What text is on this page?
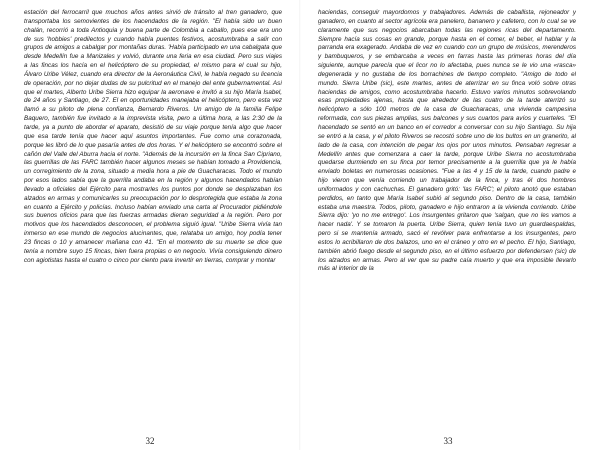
estación del ferrocarril que muchos años antes sirvió de tránsito al tren ganadero, que transportaba los semovientes de los hacendados de la región. "El había sido un buen chalán, recorrió a toda Antioquia y buena parte de Colombia a caballo, pues ese era uno de sus 'hobbies' predilectos y cuando había puentes festivos, acostumbraba a salir con grupos de amigos a cabalgar por montañas duras. 'Había participado en una cabalgata que desde Medellín fue a Manizales y volvió, durante una feria en esa ciudad. Pero sus viajes a las fincas los hacía en el helicóptero de su propiedad, el mismo para el cual su hijo, Álvaro Uribe Vélez, cuando era director de la Aeronáutica Civil, le había negado su licencia de operación, por no dejar dudas de su pulcritud en el manejo del ente gubernamental. Así que el martes, Alberto Uribe Sierra hizo equipar la aeronave e invitó a su hijo María Isabel, de 24 años y Santiago, de 27. El en oportunidades manejaba el helicóptero, pero esta vez llamó a su piloto de plena confianza, Bernardo Riveros. Un amigo de la familia Felipe Baquero, también fue invitado a la imprevista visita, pero a última hora, a las 2:30 de la tarde, ya a punto de abordar el aparato, desistió de su viaje porque tenía algo que hacer que esa tarde tenía que hacer aquí asuntos importantes. Fue como una corazonada, porque les libró de lo que pasaría antes de dos horas. Y el helicóptero se encontró sobre el cañón del Valle del Aburra hacia el norte. "Además de la incursión en la finca San Cipriano, las guerrillas de las FARC también hacer algunos meses se habían tomado a Providencia, un corregimiento de la zona, situado a media hora a pie de Guacharacas. Todo el mundo por esos lados sabía que la guerrilla andaba en la región y algunos hacendados habían llevado a oficiales del Ejército para mostrarles los puntos por donde se desplazaban los alzados en armas y comunicarles su preocupación por lo desprotegida que estaba la zona en cuanto a Ejército y policías. Incluso habían enviado una carta al Procurador pidiéndole sus buenos oficios para que las fuerzas armadas dieran seguridad a la región. Pero por motivos que los hacendados desconocen, el problema siguió igual. "Uribe Sierra vivía tan inmerso en ese mundo de negocios alucinantes, que, relataba un amigo, hoy podía tener 23 fincas o 10 y amanecer mañana con 41. "En el momento de su muerte se dice que tenía a nombre suyo 15 fincas, bien fuera propias o en negocio. Vivía consiguiendo dinero con agiotistas hasta el cuatro o cinco por ciento para invertir en tierras, comprar y montar

32

haciendas, conseguir mayordomos y trabajadores. Además de caballista, rejoneador y ganadero, en cuanto al sector agrícola era panelero, bananero y cafetero, con lo cual se ve claramente que sus negocios abarcaban todas las regiones ricas del departamento. Siempre hacía sus cosas en grande, porque hasta en el comer, el beber, el hablar y la parranda era exagerado. Andaba de vez en cuando con un grupo de músicos, merenderos y bambuqueros, y se embarcaba a veces en farras hasta las primeras horas del día siguiente, aunque parecía que el licor no lo afectaba, pues nunca se le vio una «rasca» degenerada y no gustaba de los borrachines de tiempo completo. "Amigo de todo el mundo. Sierra Uribe (sic), este martes, antes de aterrizar en su finca voló sobre otras haciendas de amigos, como acostumbraba hacerlo. Estuvo varios minutos sobrevolando esas propiedades ajenas, hasta que alrededor de las cuatro de la tarde aterrizó su helicóptero a sólo 100 metros de la casa de Guacharacas, una vivienda campesina reformada, con sus piezas amplias, sus balcones y sus cuartos para avíos y cuarteles. "El hacendado se sentó en un banco en el corredor a conversar con su hijo Santiago. Su hija se entró a la casa, y el piloto Riveros se recostó sobre uno de los bultos en un granerito, al lado de la casa, con intención de pegar los ojos por unos minutos. Pensaban regresar a Medellín antes que comenzara a caer la tarde, porque Uribe Sierra no acostumbraba quedarse durmiendo en su finca por temor precisamente a la guerrilla que ya le había enviado boletas en numerosas ocasiones. "Fue a las 4 y 15 de la tarde, cuando padre e hijo vieron que venía corriendo un trabajador de la finca, y tras él dos hombres uniformados y con cachuchas. El ganadero gritó: 'las FARC'; el piloto anotó que estaban perdidos, en tanto que María Isabel subió al segundo piso. Dentro de la casa, también estaba una maestra. Todos, piloto, ganadero e hijo entraron a la vivienda corriendo. Uribe Sierra dijo: 'yo no me entrego'. Los insurgentes gritaron que 'salgan, que no les vamos a hacer nada'. Y se tomaron la puerta. Uribe Sierra, quien tenía tuvo un guardaespaldas, pero si se mantenía armado, sacó el revólver para enfrentarse a los insurgentes, pero estos lo acribillaron de dos balazos, uno en el cráneo y otro en el pecho. El hijo, Santiago, también abrió fuego desde el segundo piso, en el último esfuerzo por defendersen (sic) de los alzados en armas. Pero al ver que su padre caía muerto y que era imposible llevarlo más al interior de la

33
